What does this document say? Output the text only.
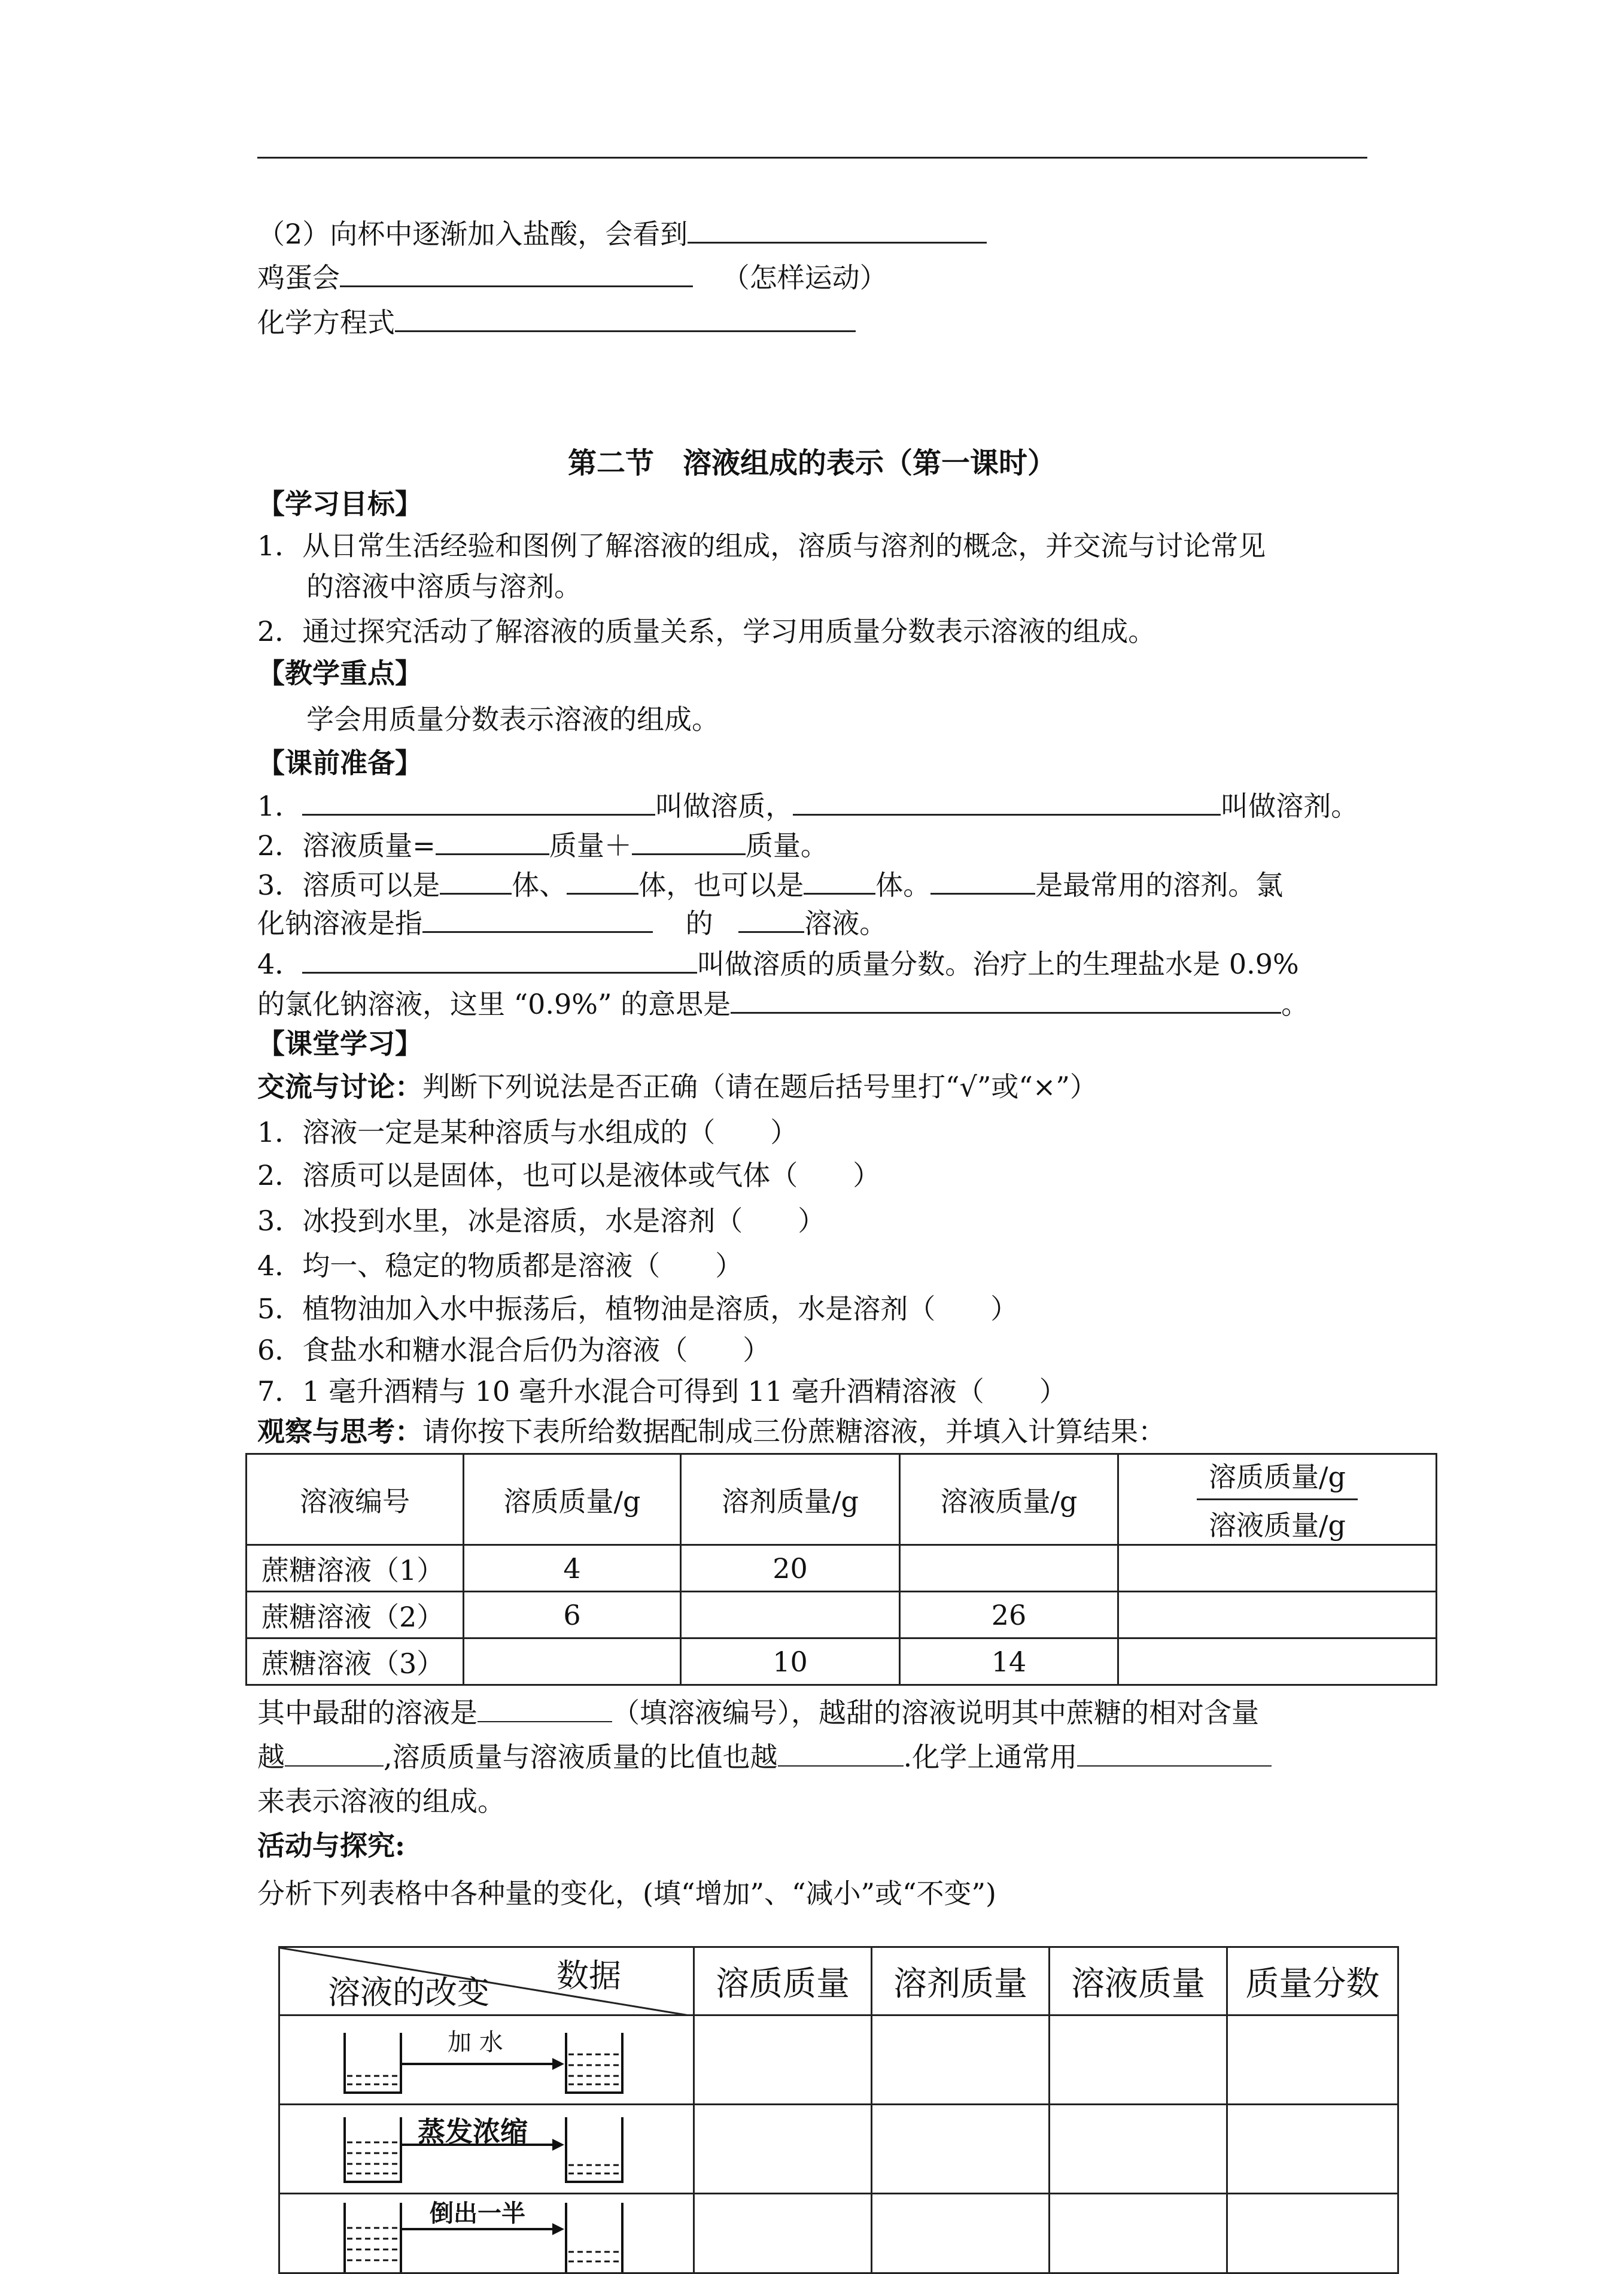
（2）向杯中逐渐加入盐酸，会看到
鸡蛋会	（怎样运动）
化学方程式
第二节　溶液组成的表示（第一课时）
【学习目标】
1．从日常生活经验和图例了解溶液的组成，溶质与溶剂的概念，并交流与讨论常见
的溶液中溶质与溶剂。
2．通过探究活动了解溶液的质量关系，学习用质量分数表示溶液的组成。
【教学重点】
学会用质量分数表示溶液的组成。
【课前准备】
1．	叫做溶质，	叫做溶剂。
2．溶液质量=	质量＋	质量。
3．溶质可以是	体、	体，也可以是	体。	是最常用的溶剂。氯
化钠溶液是指	的	溶液。
4．	叫做溶质的质量分数。治疗上的生理盐水是 0.9%
的氯化钠溶液，这里 “0.9%” 的意思是	。
【课堂学习】
交流与讨论：判断下列说法是否正确（请在题后括号里打“√”或“×”）
1．溶液一定是某种溶质与水组成的（　　）
2．溶质可以是固体，也可以是液体或气体（　　）
3．冰投到水里，冰是溶质，水是溶剂（　　）
4．均一、稳定的物质都是溶液（　　）
5．植物油加入水中振荡后，植物油是溶质，水是溶剂（　　）
6．食盐水和糖水混合后仍为溶液（　　）
7．1 毫升酒精与 10 毫升水混合可得到 11 毫升酒精溶液（　　）
观察与思考：请你按下表所给数据配制成三份蔗糖溶液，并填入计算结果：
溶液编号	溶质质量/g	溶剂质量/g	溶液质量/g	$\frac{\text{溶质质量/g}}{\text{溶液质量/g}}$

蔗糖溶液（1）	4	20		
蔗糖溶液（2）	6		26	
蔗糖溶液（3）		10	14	
其中最甜的溶液是	（填溶液编号），越甜的溶液说明其中蔗糖的相对含量
越	,溶质质量与溶液质量的比值也越	.化学上通常用
来表示溶液的组成。
活动与探究:
分析下列表格中各种量的变化，(填“增加”、“减小”或“不变”)
数据
溶液的改变	溶质质量	溶剂质量	溶液质量	质量分数

加 水				

蒸发浓缩				

倒出一半				
